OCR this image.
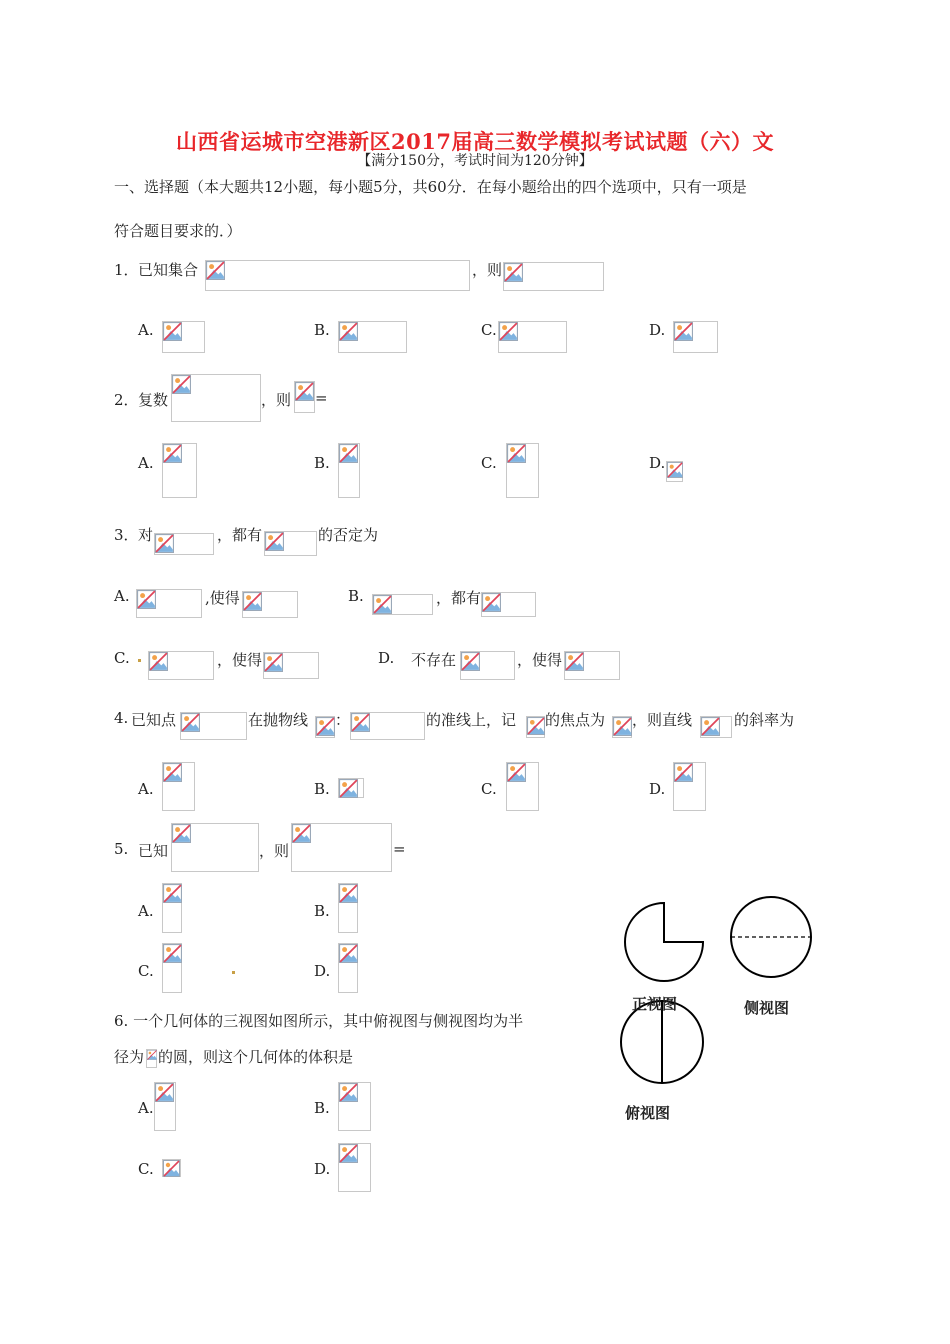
山西省运城市空港新区2017届高三数学模拟考试试题（六）文
【满分150分，考试时间为120分钟】
一、选择题（本大题共12小题，每小题5分，共60分．在每小题给出的四个选项中，只有一项是
符合题目要求的．）
1． 已知集合	，则
A.	B.	C.	D.
2． 复数	，则 =
A.	B.	C.	D.
3． 对	，都有	的否定为
A.	,使得	B.	，都有
C.	，使得	D. 不存在	，使得
4. 已知点	在抛物线 ：	的准线上，记 的焦点为 ，则直线	的斜率为
A.	B.	C.	D.
5. 已知	，则	=
A.	B.
C.	D.
6. 一个几何体的三视图如图所示，其中俯视图与侧视图均为半
径为 的圆，则这个几何体的体积是
A.	B.
C.	D.
正视图	侧视图
俯视图
